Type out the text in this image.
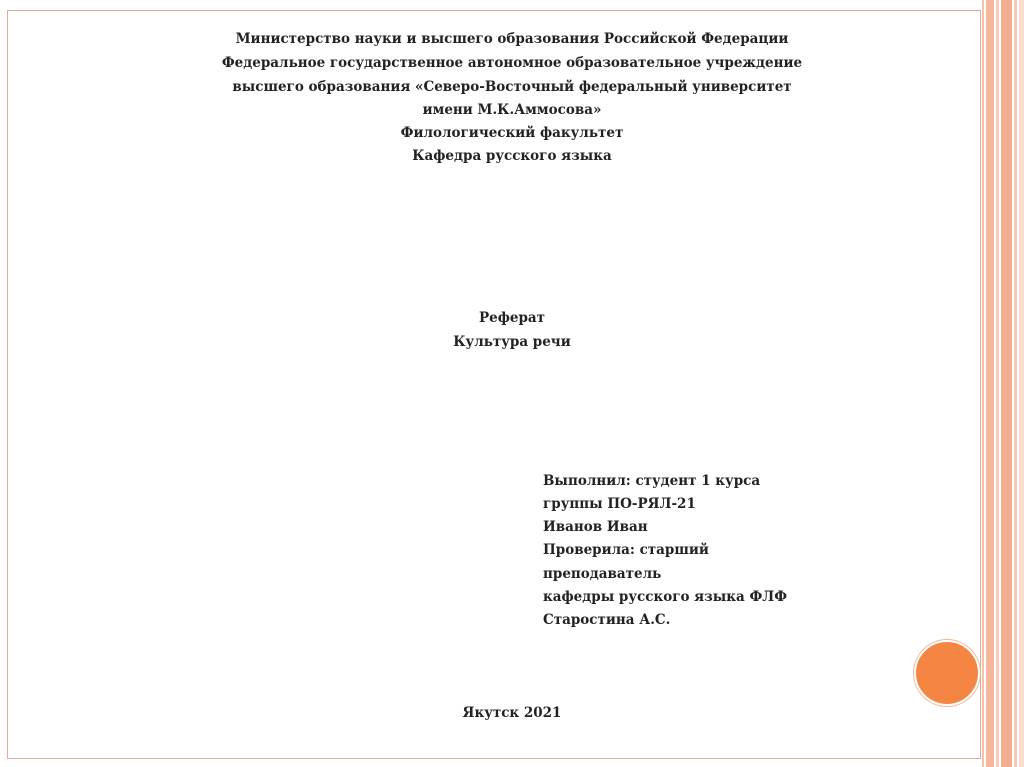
Министерство науки и высшего образования Российской Федерации
Федеральное государственное автономное образовательное учреждение
высшего образования «Северо-Восточный федеральный университет
имени М.К.Аммосова»
Филологический факультет
Кафедра русского языка
Реферат
Культура речи
Выполнил: студент 1 курса
группы ПО-РЯЛ-21
Иванов Иван
Проверила: старший
преподаватель
кафедры русского языка ФЛФ
Старостина А.С.
Якутск 2021
